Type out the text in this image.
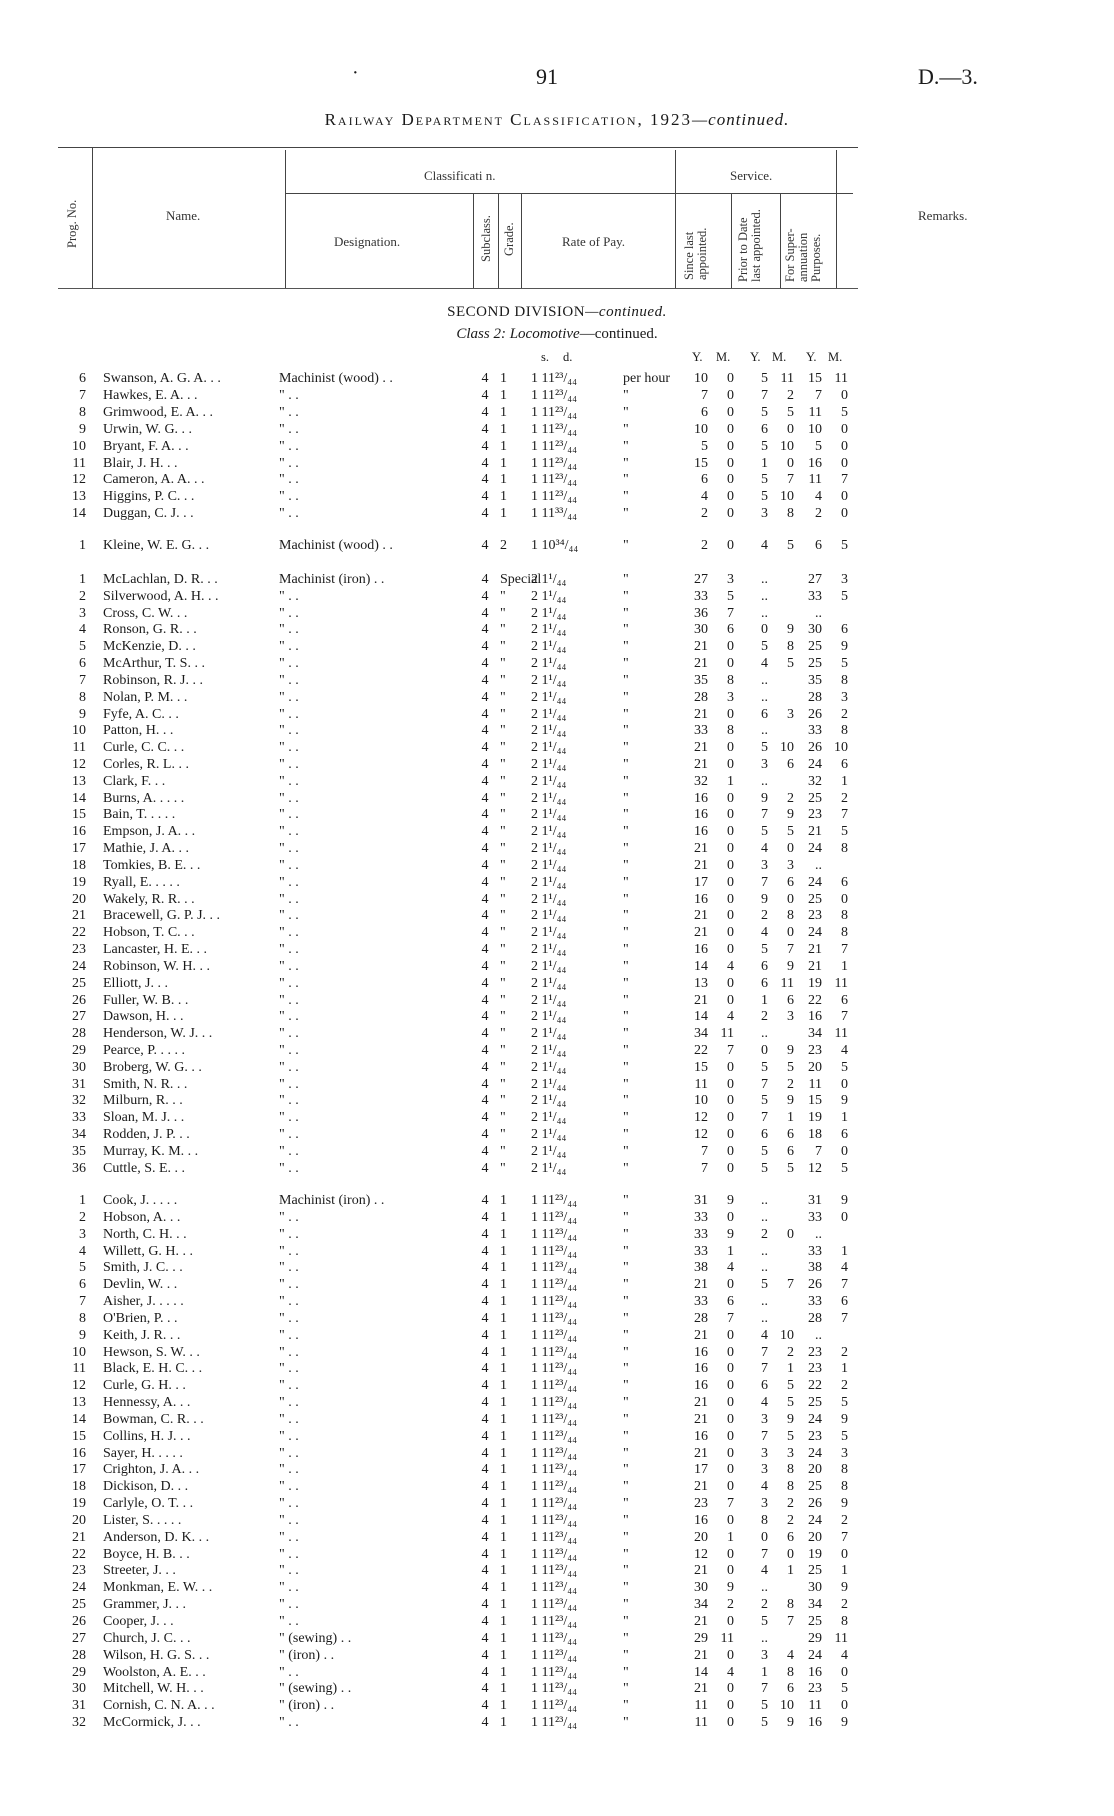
·	91	D.—3.
Railway Department Classification, 1923—continued.
Prog. No.	Name.
Classificati n.
Designation.	Subclass. Grade.	Rate of Pay.
Service.
Since last appointed. Prior to Date last appointed. For Super- annuation Purposes.
Remarks.
SECOND DIVISION—continued.
Class 2: Locomotive—continued.
s. d.	Y. M. Y. M. Y. M.
6 Swanson, A. G. A. . .	Machinist (wood) . .	4 1	1 11²³/₄₄	per hour	10	0	5 11	15 11
7 Hawkes, E. A. . .	" . .	4 1	1 11²³/₄₄	"	7	0	7	2	7	0
8 Grimwood, E. A. . .	" . .	4 1	1 11²³/₄₄	"	6	0	5	5	11	5
9 Urwin, W. G. . .	" . .	4 1	1 11²³/₄₄	"	10	0	6	0	10	0
10 Bryant, F. A. . .	" . .	4 1	1 11²³/₄₄	"	5	0	5 10	5	0
11 Blair, J. H. . .	" . .	4 1	1 11²³/₄₄	"	15	0	1	0	16	0
12 Cameron, A. A. . .	" . .	4 1	1 11²³/₄₄	"	6	0	5	7	11	7
13 Higgins, P. C. . .	" . .	4 1	1 11²³/₄₄	"	4	0	5 10	4	0
14 Duggan, C. J. . .	" . .	4 1	1 11³³/₄₄	"	2	0	3	8	2	0
1 Kleine, W. E. G. . .	Machinist (wood) . .	4 2	1 10³⁴/₄₄	"	2	0	4	5	6	5
1 McLachlan, D. R. . .	Machinist (iron) . .	4 Special
2 1¹/₄₄	"	27	3	..	27	3
2 Silverwood, A. H. . .	" . .	4 "	2 1¹/₄₄	"	33	5	..	33	5
3 Cross, C. W. . .	" . .	4 "	2 1¹/₄₄	"	36	7	..	..
4 Ronson, G. R. . .	" . .	4 "	2 1¹/₄₄	"	30	6	0	9	30	6
5 McKenzie, D. . .	" . .	4 "	2 1¹/₄₄	"	21	0	5	8	25	9
6 McArthur, T. S. . .	" . .	4 "	2 1¹/₄₄	"	21	0	4	5	25	5
7 Robinson, R. J. . .	" . .	4 "	2 1¹/₄₄	"	35	8	..	35	8
8 Nolan, P. M. . .	" . .	4 "	2 1¹/₄₄	"	28	3	..	28	3
9 Fyfe, A. C. . .	" . .	4 "	2 1¹/₄₄	"	21	0	6	3	26	2
10 Patton, H. . .	" . .	4 "	2 1¹/₄₄	"	33	8	..	33	8
11 Curle, C. C. . .	" . .	4 "	2 1¹/₄₄	"	21	0	5 10	26 10
12 Corles, R. L. . .	" . .	4 "	2 1¹/₄₄	"	21	0	3	6	24	6
13 Clark, F. . .	" . .	4 "	2 1¹/₄₄	"	32	1	..	32	1
14 Burns, A. . . . .	" . .	4 "	2 1¹/₄₄	"	16	0	9	2	25	2
15 Bain, T. . . . .	" . .	4 "	2 1¹/₄₄	"	16	0	7	9	23	7
16 Empson, J. A. . .	" . .	4 "	2 1¹/₄₄	"	16	0	5	5	21	5
17 Mathie, J. A. . .	" . .	4 "	2 1¹/₄₄	"	21	0	4	0	24	8
18 Tomkies, B. E. . .	" . .	4 "	2 1¹/₄₄	"	21	0	3	3	..
19 Ryall, E. . . . .	" . .	4 "	2 1¹/₄₄	"	17	0	7	6	24	6
20 Wakely, R. R. . .	" . .	4 "	2 1¹/₄₄	"	16	0	9	0	25	0
21 Bracewell, G. P. J. . .	" . .	4 "	2 1¹/₄₄	"	21	0	2	8	23	8
22 Hobson, T. C. . .	" . .	4 "	2 1¹/₄₄	"	21	0	4	0	24	8
23 Lancaster, H. E. . .	" . .	4 "	2 1¹/₄₄	"	16	0	5	7	21	7
24 Robinson, W. H. . .	" . .	4 "	2 1¹/₄₄	"	14	4	6	9	21	1
25 Elliott, J. . .	" . .	4 "	2 1¹/₄₄	"	13	0	6 11	19 11
26 Fuller, W. B. . .	" . .	4 "	2 1¹/₄₄	"	21	0	1	6	22	6
27 Dawson, H. . .	" . .	4 "	2 1¹/₄₄	"	14	4	2	3	16	7
28 Henderson, W. J. . .	" . .	4 "	2 1¹/₄₄	"	34 11	..	34 11
29 Pearce, P. . . . .	" . .	4 "	2 1¹/₄₄	"	22	7	0	9	23	4
30 Broberg, W. G. . .	" . .	4 "	2 1¹/₄₄	"	15	0	5	5	20	5
31 Smith, N. R. . .	" . .	4 "	2 1¹/₄₄	"	11	0	7	2	11	0
32 Milburn, R. . .	" . .	4 "	2 1¹/₄₄	"	10	0	5	9	15	9
33 Sloan, M. J. . .	" . .	4 "	2 1¹/₄₄	"	12	0	7	1	19	1
34 Rodden, J. P. . .	" . .	4 "	2 1¹/₄₄	"	12	0	6	6	18	6
35 Murray, K. M. . .	" . .	4 "	2 1¹/₄₄	"	7	0	5	6	7	0
36 Cuttle, S. E. . .	" . .	4 "	2 1¹/₄₄	"	7	0	5	5	12	5
1 Cook, J. . . . .	Machinist (iron) . .	4 1	1 11²³/₄₄	"	31	9	..	31	9
2 Hobson, A. . .	" . .	4 1	1 11²³/₄₄	"	33	0	..	33	0
3 North, C. H. . .	" . .	4 1	1 11²³/₄₄	"	33	9	2	0	..
4 Willett, G. H. . .	" . .	4 1	1 11²³/₄₄	"	33	1	..	33	1
5 Smith, J. C. . .	" . .	4 1	1 11²³/₄₄	"	38	4	..	38	4
6 Devlin, W. . .	" . .	4 1	1 11²³/₄₄	"	21	0	5	7	26	7
7 Aisher, J. . . . .	" . .	4 1	1 11²³/₄₄	"	33	6	..	33	6
8 O'Brien, P. . .	" . .	4 1	1 11²³/₄₄	"	28	7	..	28	7
9 Keith, J. R. . .	" . .	4 1	1 11²³/₄₄	"	21	0	4 10	..
10 Hewson, S. W. . .	" . .	4 1	1 11²³/₄₄	"	16	0	7	2	23	2
11 Black, E. H. C. . .	" . .	4 1	1 11²³/₄₄	"	16	0	7	1	23	1
12 Curle, G. H. . .	" . .	4 1	1 11²³/₄₄	"	16	0	6	5	22	2
13 Hennessy, A. . .	" . .	4 1	1 11²³/₄₄	"	21	0	4	5	25	5
14 Bowman, C. R. . .	" . .	4 1	1 11²³/₄₄	"	21	0	3	9	24	9
15 Collins, H. J. . .	" . .	4 1	1 11²³/₄₄	"	16	0	7	5	23	5
16 Sayer, H. . . . .	" . .	4 1	1 11²³/₄₄	"	21	0	3	3	24	3
17 Crighton, J. A. . .	" . .	4 1	1 11²³/₄₄	"	17	0	3	8	20	8
18 Dickison, D. . .	" . .	4 1	1 11²³/₄₄	"	21	0	4	8	25	8
19 Carlyle, O. T. . .	" . .	4 1	1 11²³/₄₄	"	23	7	3	2	26	9
20 Lister, S. . . . .	" . .	4 1	1 11²³/₄₄	"	16	0	8	2	24	2
21 Anderson, D. K. . .	" . .	4 1	1 11²³/₄₄	"	20	1	0	6	20	7
22 Boyce, H. B. . .	" . .	4 1	1 11²³/₄₄	"	12	0	7	0	19	0
23 Streeter, J. . .	" . .	4 1	1 11²³/₄₄	"	21	0	4	1	25	1
24 Monkman, E. W. . .	" . .	4 1	1 11²³/₄₄	"	30	9	..	30	9
25 Grammer, J. . .	" . .	4 1	1 11²³/₄₄	"	34	2	2	8	34	2
26 Cooper, J. . .	" . .	4 1	1 11²³/₄₄	"	21	0	5	7	25	8
27 Church, J. C. . .	" (sewing) . .	4 1	1 11²³/₄₄	"	29 11	..	29 11
28 Wilson, H. G. S. . .	" (iron) . .	4 1	1 11²³/₄₄	"	21	0	3	4	24	4
29 Woolston, A. E. . .	" . .	4 1	1 11²³/₄₄	"	14	4	1	8	16	0
30 Mitchell, W. H. . .	" (sewing) . .	4 1	1 11²³/₄₄	"	21	0	7	6	23	5
31 Cornish, C. N. A. . .	" (iron) . .	4 1	1 11²³/₄₄	"	11	0	5 10	11	0
32 McCormick, J. . .	" . .	4 1	1 11²³/₄₄	"	11	0	5	9	16	9
